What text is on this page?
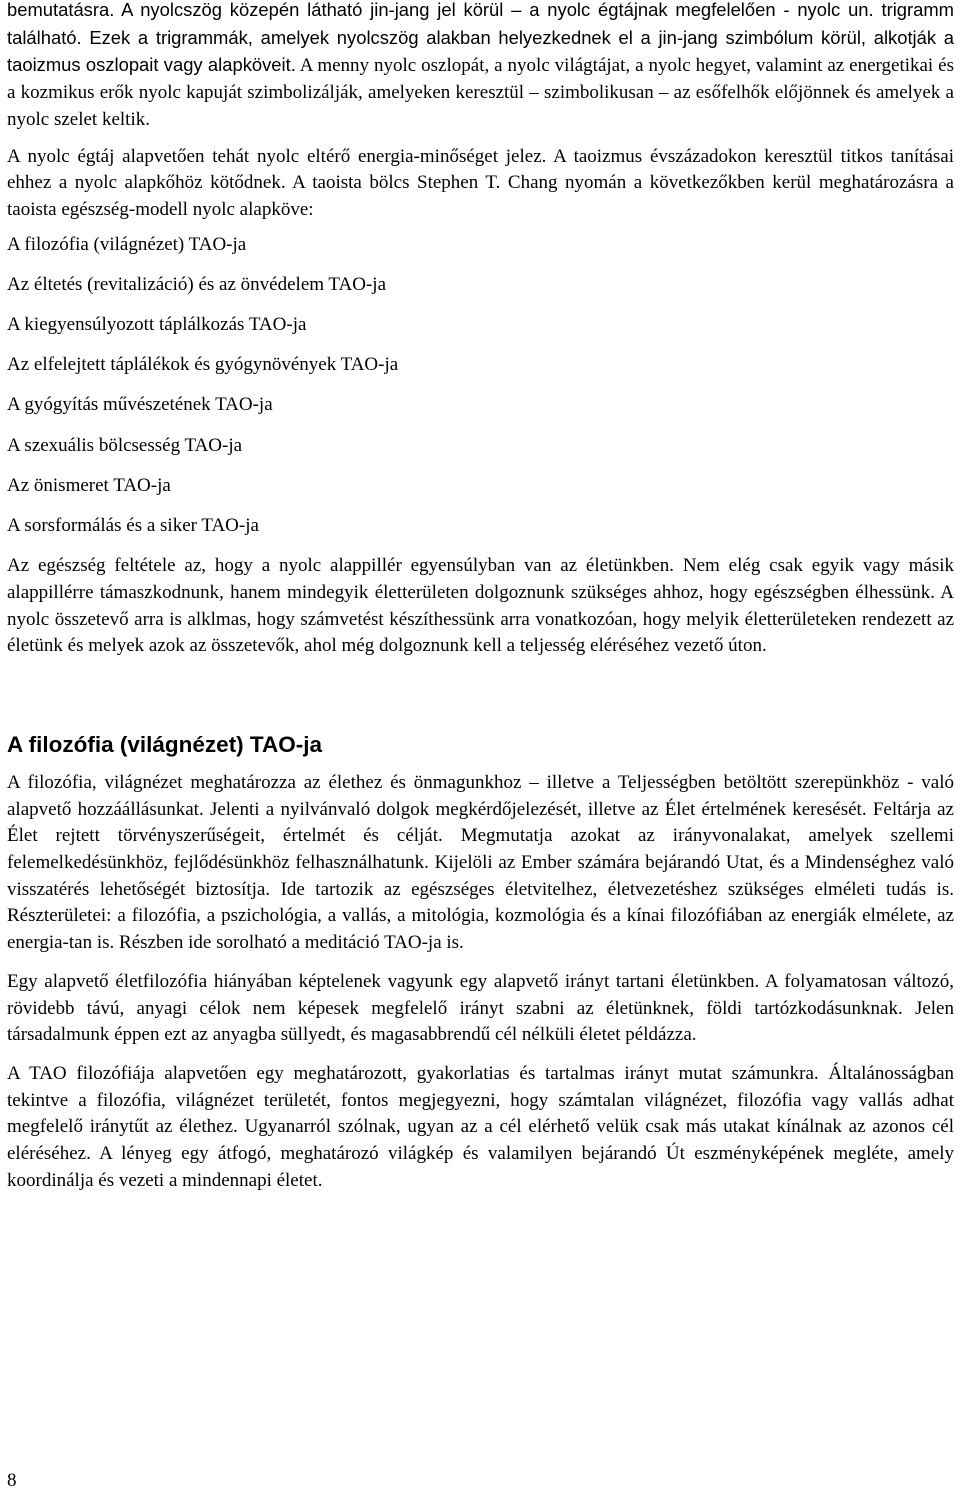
bemutatásra. A nyolcszög közepén látható jin-jang jel körül – a nyolc égtájnak megfelelően - nyolc un. trigramm található. Ezek a trigrammák, amelyek nyolcszög alakban helyezkednek el a jin-jang szimbólum körül, alkotják a taoizmus oszlopait vagy alapköveit. A menny nyolc oszlopát, a nyolc világtájat, a nyolc hegyet, valamint az energetikai és a kozmikus erők nyolc kapuját szimbolizálják, amelyeken keresztül – szimbolikusan – az esőfelhők előjönnek és amelyek a nyolc szelet keltik.

A nyolc égtáj alapvetően tehát nyolc eltérő energia-minőséget jelez. A taoizmus évszázadokon keresztül titkos tanításai ehhez a nyolc alapkőhöz kötődnek. A taoista bölcs Stephen T. Chang nyomán a következőkben kerül meghatározásra a taoista egészség-modell nyolc alapköve:

A filozófia (világnézet) TAO-ja
Az éltetés (revitalizáció) és az önvédelem TAO-ja
A kiegyensúlyozott táplálkozás TAO-ja
Az elfelejtett táplálékok és gyógynövények TAO-ja
A gyógyítás művészetének TAO-ja
A szexuális bölcsesség TAO-ja
Az önismeret TAO-ja
A sorsformálás és a siker TAO-ja

Az egészség feltétele az, hogy a nyolc alappillér egyensúlyban van az életünkben. Nem elég csak egyik vagy másik alappillérre támaszkodnunk, hanem mindegyik életterületen dolgoznunk szükséges ahhoz, hogy egészségben élhessünk. A nyolc összetevő arra is alklmas, hogy számvetést készíthessünk arra vonatkozóan, hogy melyik életterületeken rendezett az életünk és melyek azok az összetevők, ahol még dolgoznunk kell a teljesség eléréséhez vezető úton.

A filozófia (világnézet) TAO-ja

A filozófia, világnézet meghatározza az élethez és önmagunkhoz – illetve a Teljességben betöltött szerepünkhöz - való alapvető hozzáállásunkat. Jelenti a nyilvánvaló dolgok megkérdőjelezését, illetve az Élet értelmének keresését. Feltárja az Élet rejtett törvényszerűségeit, értelmét és célját. Megmutatja azokat az irányvonalakat, amelyek szellemi felemelkedésünkhöz, fejlődésünkhöz felhasználhatunk. Kijelöli az Ember számára bejárandó Utat, és a Mindenséghez való visszatérés lehetőségét biztosítja. Ide tartozik az egészséges életvitelhez, életvezetéshez szükséges elméleti tudás is. Részterületei: a filozófia, a pszichológia, a vallás, a mitológia, kozmológia és a kínai filozófiában az energiák elmélete, az energia-tan is. Részben ide sorolható a meditáció TAO-ja is.

Egy alapvető életfilozófia hiányában képtelenek vagyunk egy alapvető irányt tartani életünkben. A folyamatosan változó, rövidebb távú, anyagi célok nem képesek megfelelő irányt szabni az életünknek, földi tartózkodásunknak. Jelen társadalmunk éppen ezt az anyagba süllyedt, és magasabbrendű cél nélküli életet példázza.

A TAO filozófiája alapvetően egy meghatározott, gyakorlatias és tartalmas irányt mutat számunkra. Általánosságban tekintve a filozófia, világnézet területét, fontos megjegyezni, hogy számtalan világnézet, filozófia vagy vallás adhat megfelelő iránytűt az élethez. Ugyanarról szólnak, ugyan az a cél elérhető velük csak más utakat kínálnak az azonos cél eléréséhez. A lényeg egy átfogó, meghatározó világkép és valamilyen bejárandó Út eszményképének megléte, amely koordinálja és vezeti a mindennapi életet.

8
